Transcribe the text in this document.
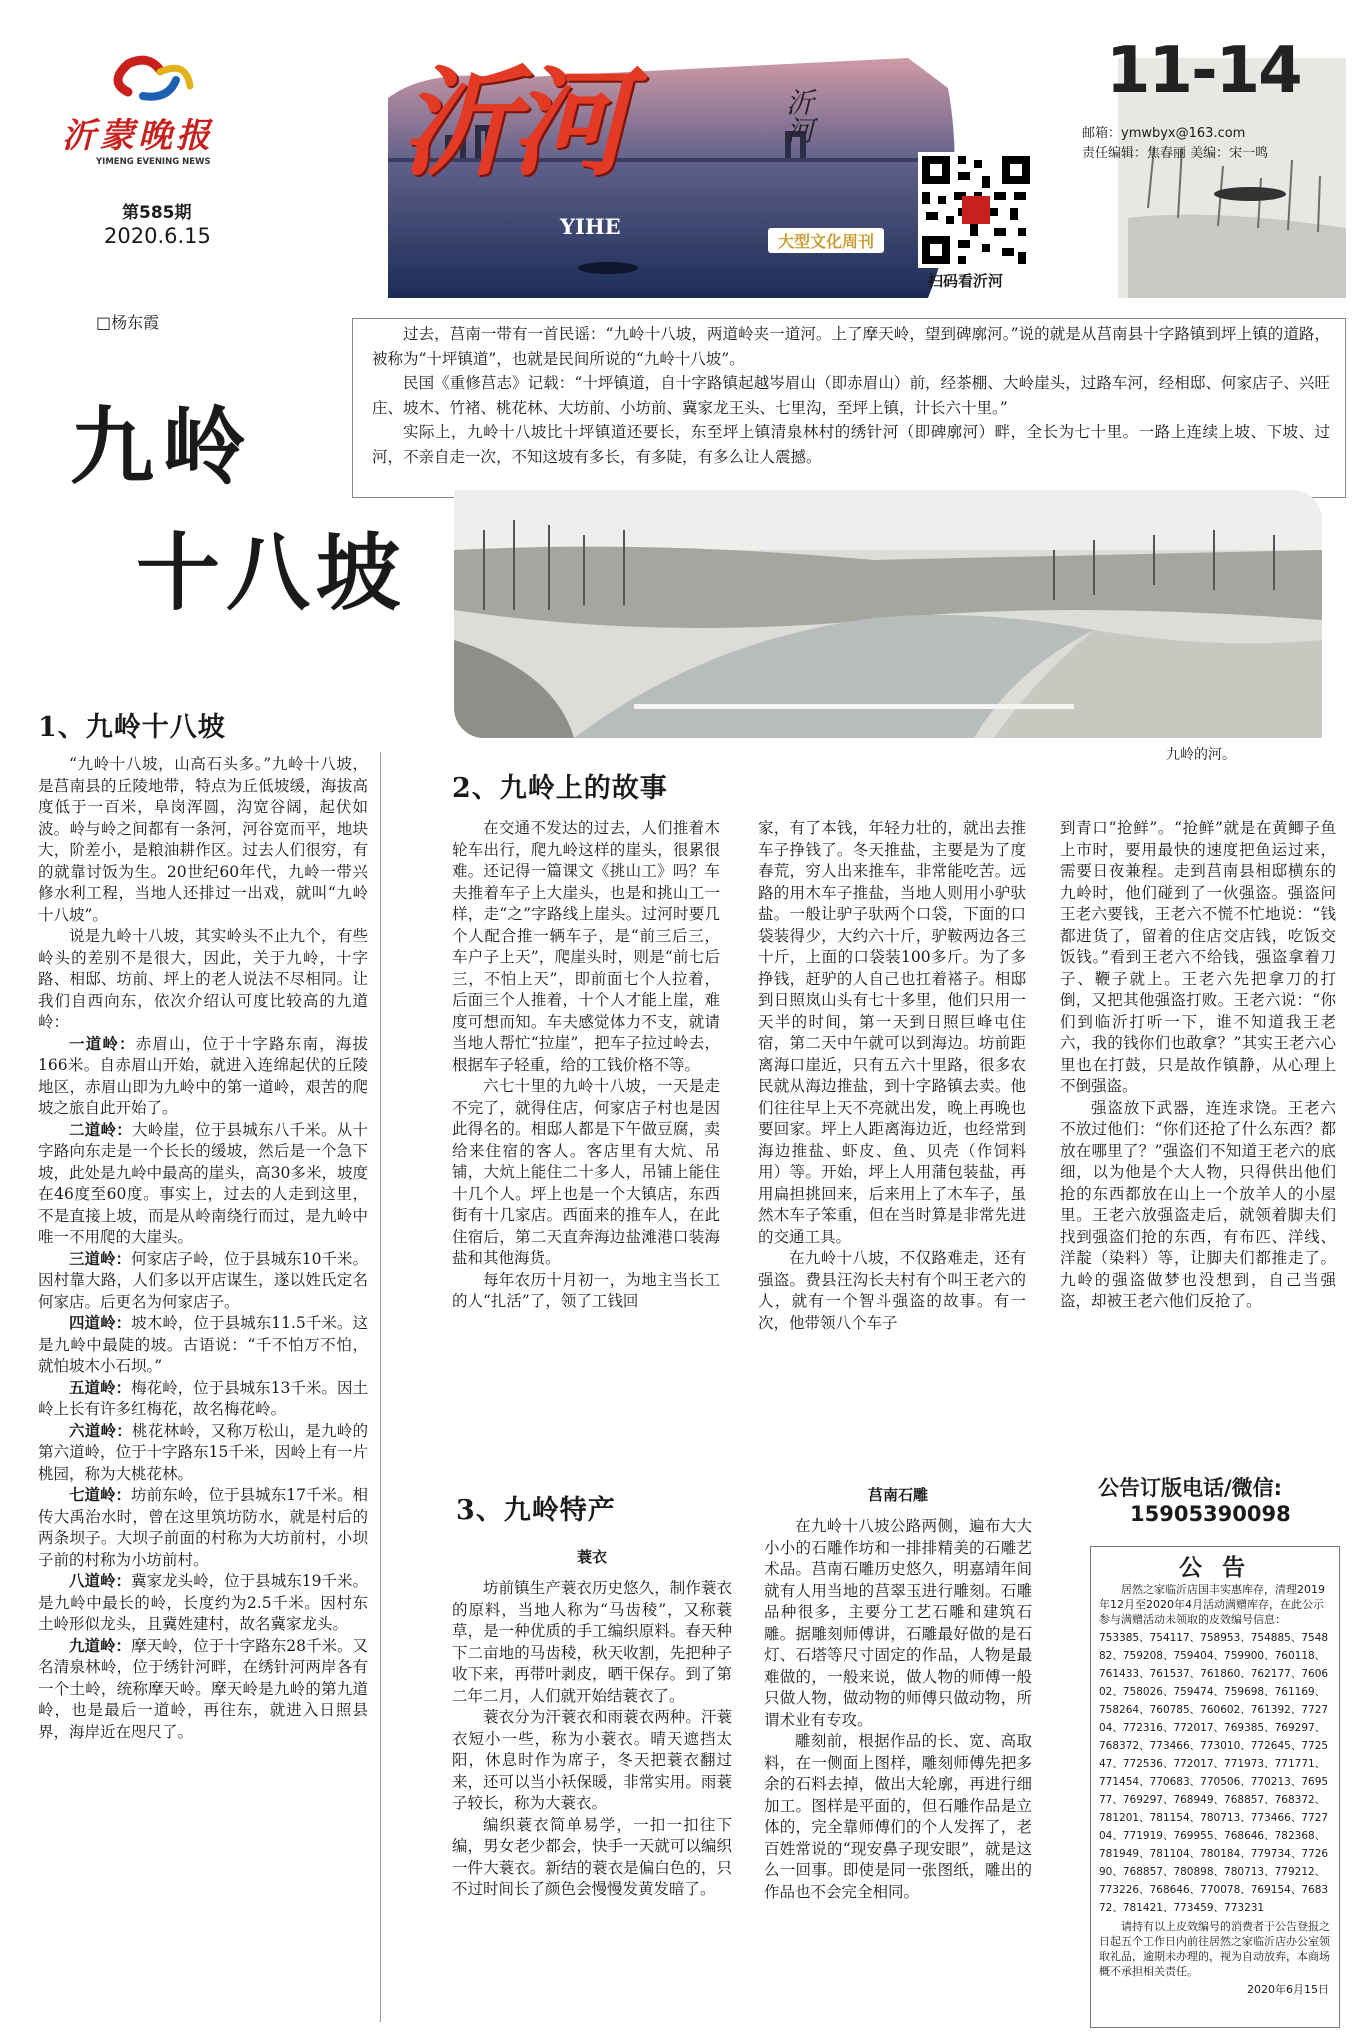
沂蒙晚报
YIMENG EVENING NEWS
第585期
2020.6.15
沂河
YIHE
沂河
大型文化周刊
扫码看沂河
11-14
邮箱：ymwbyx@163.com
责任编辑：焦春丽 美编：宋一鸣
□杨东霞
九岭
十八坡

过去，莒南一带有一首民谣：“九岭十八坡，两道岭夹一道河。上了摩天岭，望到碑廓河。”说的就是从莒南县十字路镇到坪上镇的道路，被称为“十坪镇道”，也就是民间所说的“九岭十八坡”。

民国《重修莒志》记载：“十坪镇道，自十字路镇起越岑眉山（即赤眉山）前，经茶棚、大岭崖头，过路车河，经相邸、何家店子、兴旺庄、坡木、竹褚、桃花林、大坊前、小坊前、冀家龙王头、七里沟，至坪上镇，计长六十里。”

实际上，九岭十八坡比十坪镇道还要长，东至坪上镇清泉林村的绣针河（即碑廓河）畔，全长为七十里。一路上连续上坡、下坡、过河，不亲自走一次，不知这坡有多长，有多陡，有多么让人震撼。

九岭的河。
1、九岭十八坡

“九岭十八坡，山高石头多。”九岭十八坡，是莒南县的丘陵地带，特点为丘低坡缓，海拔高度低于一百米，阜岗浑圆，沟宽谷阔，起伏如波。岭与岭之间都有一条河，河谷宽而平，地块大，阶差小，是粮油耕作区。过去人们很穷，有的就靠讨饭为生。20世纪60年代，九岭一带兴修水利工程，当地人还排过一出戏，就叫“九岭十八坡”。

说是九岭十八坡，其实岭头不止九个，有些岭头的差别不是很大，因此，关于九岭，十字路、相邸、坊前、坪上的老人说法不尽相同。让我们自西向东，依次介绍认可度比较高的九道岭：

一道岭：赤眉山，位于十字路东南，海拔166米。自赤眉山开始，就进入连绵起伏的丘陵地区，赤眉山即为九岭中的第一道岭，艰苦的爬坡之旅自此开始了。

二道岭：大岭崖，位于县城东八千米。从十字路向东走是一个长长的缓坡，然后是一个急下坡，此处是九岭中最高的崖头，高30多米，坡度在46度至60度。事实上，过去的人走到这里，不是直接上坡，而是从岭南绕行而过，是九岭中唯一不用爬的大崖头。

三道岭：何家店子岭，位于县城东10千米。因村靠大路，人们多以开店谋生，遂以姓氏定名何家店。后更名为何家店子。

四道岭：坡木岭，位于县城东11.5千米。这是九岭中最陡的坡。古语说：“千不怕万不怕，就怕坡木小石坝。”

五道岭：梅花岭，位于县城东13千米。因土岭上长有许多红梅花，故名梅花岭。

六道岭：桃花林岭，又称万松山，是九岭的第六道岭，位于十字路东15千米，因岭上有一片桃园，称为大桃花林。

七道岭：坊前东岭，位于县城东17千米。相传大禹治水时，曾在这里筑坊防水，就是村后的两条坝子。大坝子前面的村称为大坊前村，小坝子前的村称为小坊前村。

八道岭：冀家龙头岭，位于县城东19千米。是九岭中最长的岭，长度约为2.5千米。因村东土岭形似龙头，且冀姓建村，故名冀家龙头。

九道岭：摩天岭，位于十字路东28千米。又名清泉林岭，位于绣针河畔，在绣针河两岸各有一个土岭，统称摩天岭。摩天岭是九岭的第九道岭，也是最后一道岭，再往东，就进入日照县界，海岸近在咫尺了。

2、九岭上的故事

在交通不发达的过去，人们推着木轮车出行，爬九岭这样的崖头，很累很难。还记得一篇课文《挑山工》吗？车夫推着车子上大崖头，也是和挑山工一样，走“之”字路线上崖头。过河时要几个人配合推一辆车子，是“前三后三，车户子上天”，爬崖头时，则是“前七后三，不怕上天”，即前面七个人拉着，后面三个人推着，十个人才能上崖，难度可想而知。车夫感觉体力不支，就请当地人帮忙“拉崖”，把车子拉过岭去，根据车子轻重，给的工钱价格不等。

六七十里的九岭十八坡，一天是走不完了，就得住店，何家店子村也是因此得名的。相邸人都是下午做豆腐，卖给来住宿的客人。客店里有大炕、吊铺，大炕上能住二十多人，吊铺上能住十几个人。坪上也是一个大镇店，东西街有十几家店。西面来的推车人，在此住宿后，第二天直奔海边盐滩港口装海盐和其他海货。

每年农历十月初一，为地主当长工的人“扎活”了，领了工钱回

家，有了本钱，年轻力壮的，就出去推车子挣钱了。冬天推盐，主要是为了度春荒，穷人出来推车，非常能吃苦。远路的用木车子推盐，当地人则用小驴驮盐。一般让驴子驮两个口袋，下面的口袋装得少，大约六十斤，驴鞍两边各三十斤，上面的口袋装100多斤。为了多挣钱，赶驴的人自己也扛着褡子。相邸到日照岚山头有七十多里，他们只用一天半的时间，第一天到日照巨峰屯住宿，第二天中午就可以到海边。坊前距离海口崖近，只有五六十里路，很多农民就从海边推盐，到十字路镇去卖。他们往往早上天不亮就出发，晚上再晚也要回家。坪上人距离海边近，也经常到海边推盐、虾皮、鱼、贝壳（作饲料用）等。开始，坪上人用蒲包装盐，再用扁担挑回来，后来用上了木车子，虽然木车子笨重，但在当时算是非常先进的交通工具。

在九岭十八坡，不仅路难走，还有强盗。费县汪沟长夫村有个叫王老六的人，就有一个智斗强盗的故事。有一次，他带领八个车子

到青口“抢鲜”。“抢鲜”就是在黄鲫子鱼上市时，要用最快的速度把鱼运过来，需要日夜兼程。走到莒南县相邸横东的九岭时，他们碰到了一伙强盗。强盗问王老六要钱，王老六不慌不忙地说：“钱都进货了，留着的住店交店钱，吃饭交饭钱。”看到王老六不给钱，强盗拿着刀子、鞭子就上。王老六先把拿刀的打倒，又把其他强盗打败。王老六说：“你们到临沂打听一下，谁不知道我王老六，我的钱你们也敢拿？”其实王老六心里也在打鼓，只是故作镇静，从心理上不倒强盗。

强盗放下武器，连连求饶。王老六不放过他们：“你们还抢了什么东西？都放在哪里了？”强盗们不知道王老六的底细，以为他是个大人物，只得供出他们抢的东西都放在山上一个放羊人的小屋里。王老六放强盗走后，就领着脚夫们找到强盗们抢的东西，有布匹、洋线、洋靛（染料）等，让脚夫们都推走了。九岭的强盗做梦也没想到，自己当强盗，却被王老六他们反抢了。

3、九岭特产
蓑衣

坊前镇生产蓑衣历史悠久，制作蓑衣的原料，当地人称为“马齿稜”，又称蓑草，是一种优质的手工编织原料。春天种下二亩地的马齿稜，秋天收割，先把种子收下来，再带叶剥皮，晒干保存。到了第二年二月，人们就开始结蓑衣了。

蓑衣分为汗蓑衣和雨蓑衣两种。汗蓑衣短小一些，称为小蓑衣。晴天遮挡太阳，休息时作为席子，冬天把蓑衣翻过来，还可以当小袄保暖，非常实用。雨蓑子较长，称为大蓑衣。

编织蓑衣简单易学，一扣一扣往下编，男女老少都会，快手一天就可以编织一件大蓑衣。新结的蓑衣是偏白色的，只不过时间长了颜色会慢慢发黄发暗了。

莒南石雕

在九岭十八坡公路两侧，遍布大大小小的石雕作坊和一排排精美的石雕艺术品。莒南石雕历史悠久，明嘉靖年间就有人用当地的莒翠玉进行雕刻。石雕品种很多，主要分工艺石雕和建筑石雕。据雕刻师傅讲，石雕最好做的是石灯、石塔等尺寸固定的作品，人物是最难做的，一般来说，做人物的师傅一般只做人物，做动物的师傅只做动物，所谓术业有专攻。

雕刻前，根据作品的长、宽、高取料，在一侧面上图样，雕刻师傅先把多余的石料去掉，做出大轮廓，再进行细加工。图样是平面的，但石雕作品是立体的，完全靠师傅们的个人发挥了，老百姓常说的“现安鼻子现安眼”，就是这么一回事。即使是同一张图纸，雕出的作品也不会完全相同。

公告订版电话/微信:
15905390098
公 告
居然之家临沂店国丰实惠库存，清理2019年12月至2020年4月活动满赠库存，在此公示参与满赠活动未领取的皮效编号信息：
753385、754117、758953、754885、754882、759208、759404、759900、760118、761433、761537、761860、762177、760602、758026、759474、759698、761169、758264、760785、760602、761392、772704、772316、772017、769385、769297、768372、773466、773010、772645、772547、772536、772017、771973、771771、771454、770683、770506、770213、769577、769297、768949、768857、768372、781201、781154、780713、773466、772704、771919、769955、768646、782368、781949、781104、780184、779734、772690、768857、780898、780713、779212、773226、768646、770078、769154、768372、781421、773459、773231
请持有以上皮效编号的消费者于公告登报之日起五个工作日内前往居然之家临沂店办公室领取礼品，逾期未办理的，视为自动放弃，本商场概不承担相关责任。
2020年6月15日
